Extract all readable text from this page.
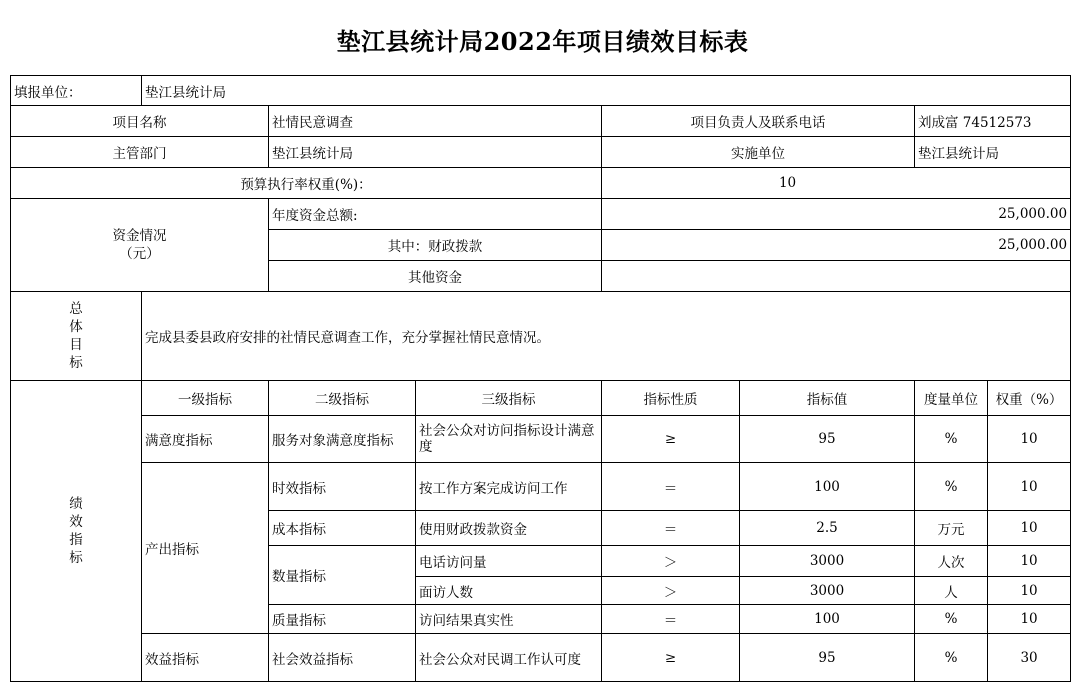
垫江县统计局2022年项目绩效目标表
填报单位：	垫江县统计局						
项目名称		社情民意调查		项目负责人及联系电话		刘成富 74512573	
主管部门		垫江县统计局		实施单位		垫江县统计局	
预算执行率权重(%)：				10			

资金情况
（元）		年度资金总额:		25,000.00			
		其中：财政拨款		25,000.00			
		其他资金					

总
体
目
标	完成县委县政府安排的社情民意调查工作，充分掌握社情民意情况。						

绩
效
指
标	一级指标	二级指标	三级指标	指标性质	指标值	度量单位	权重（%）
	满意度指标	服务对象满意度指标	社会公众对访问指标设计满意度	≥	95	%	10
	产出指标	时效指标	按工作方案完成访问工作	＝	100	%	10
		成本指标	使用财政拨款资金	＝	2.5	万元	10
		数量指标	电话访问量	＞	3000	人次	10
			面访人数	＞	3000	人	10
		质量指标	访问结果真实性	＝	100	%	10
	效益指标	社会效益指标	社会公众对民调工作认可度	≥	95	%	30
